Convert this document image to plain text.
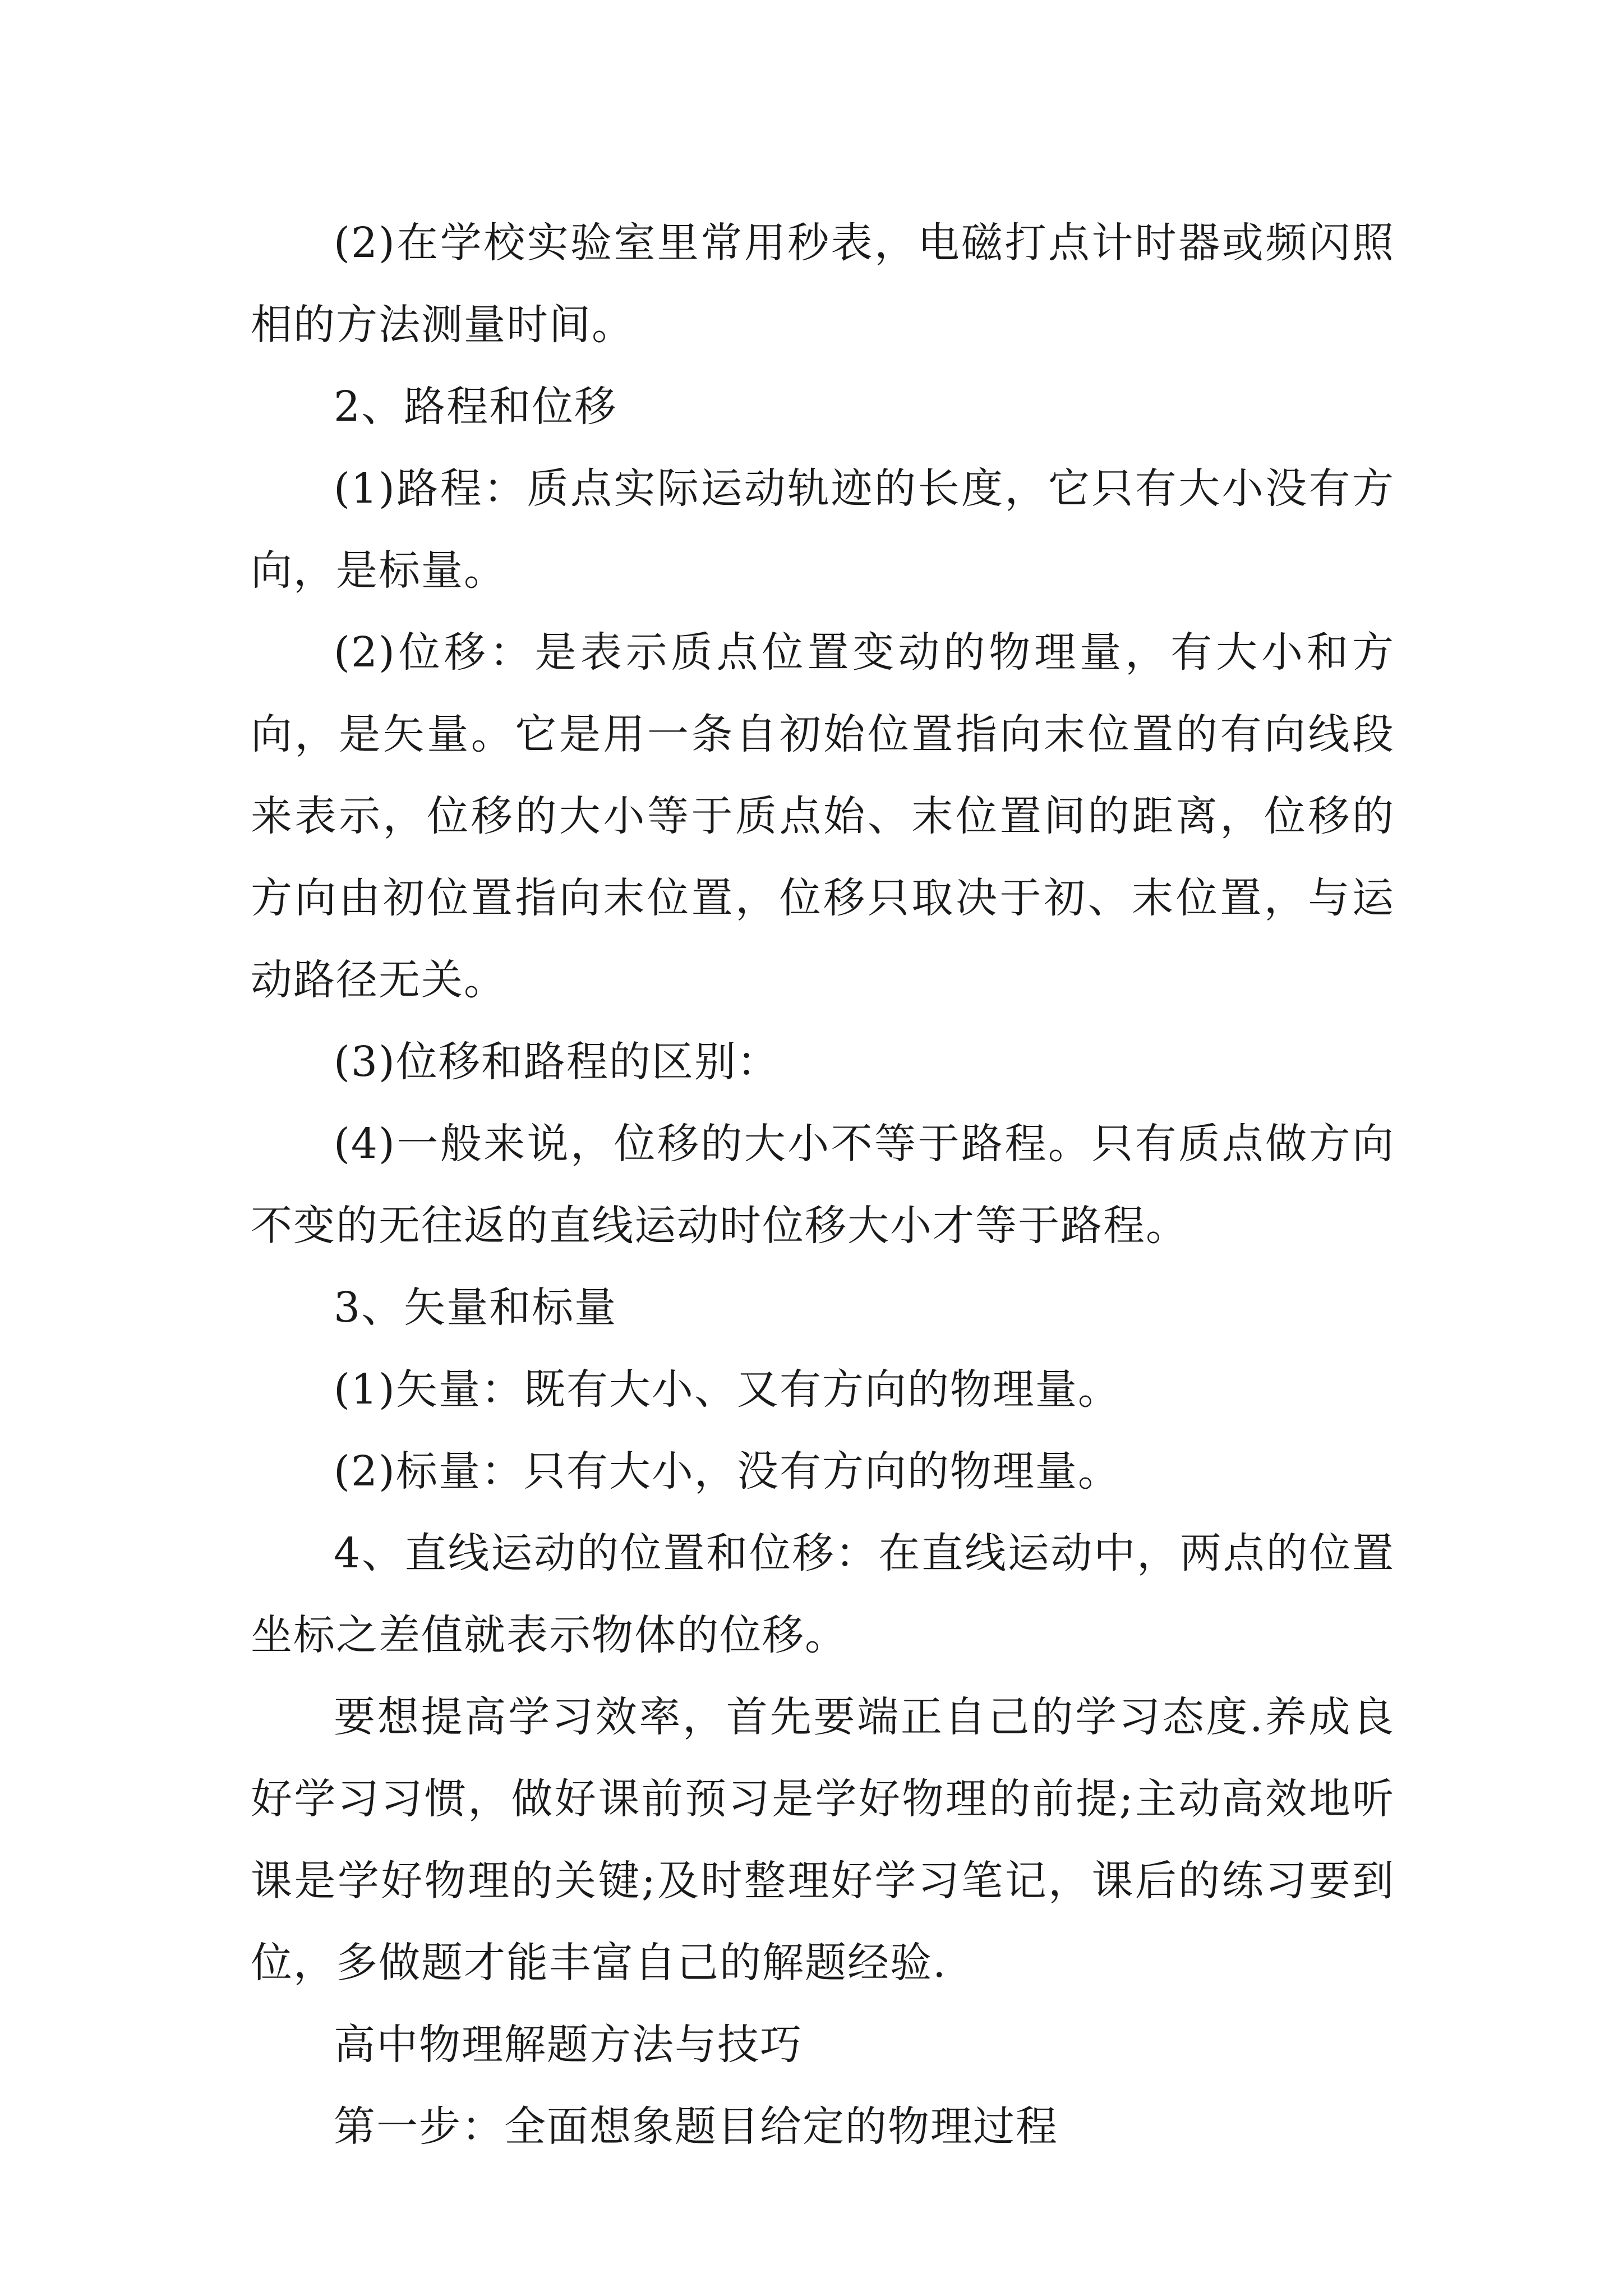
(2)在学校实验室里常用秒表，电磁打点计时器或频闪照相的方法测量时间。

2、路程和位移

(1)路程：质点实际运动轨迹的长度，它只有大小没有方向，是标量。

(2)位移：是表示质点位置变动的物理量，有大小和方向，是矢量。它是用一条自初始位置指向末位置的有向线段来表示，位移的大小等于质点始、末位置间的距离，位移的方向由初位置指向末位置，位移只取决于初、末位置，与运动路径无关。

(3)位移和路程的区别：

(4)一般来说，位移的大小不等于路程。只有质点做方向不变的无往返的直线运动时位移大小才等于路程。

3、矢量和标量

(1)矢量：既有大小、又有方向的物理量。

(2)标量：只有大小，没有方向的物理量。

4、直线运动的位置和位移：在直线运动中，两点的位置坐标之差值就表示物体的位移。

要想提高学习效率，首先要端正自己的学习态度.养成良好学习习惯，做好课前预习是学好物理的前提;主动高效地听课是学好物理的关键;及时整理好学习笔记，课后的练习要到位，多做题才能丰富自己的解题经验.

高中物理解题方法与技巧

第一步：全面想象题目给定的物理过程
